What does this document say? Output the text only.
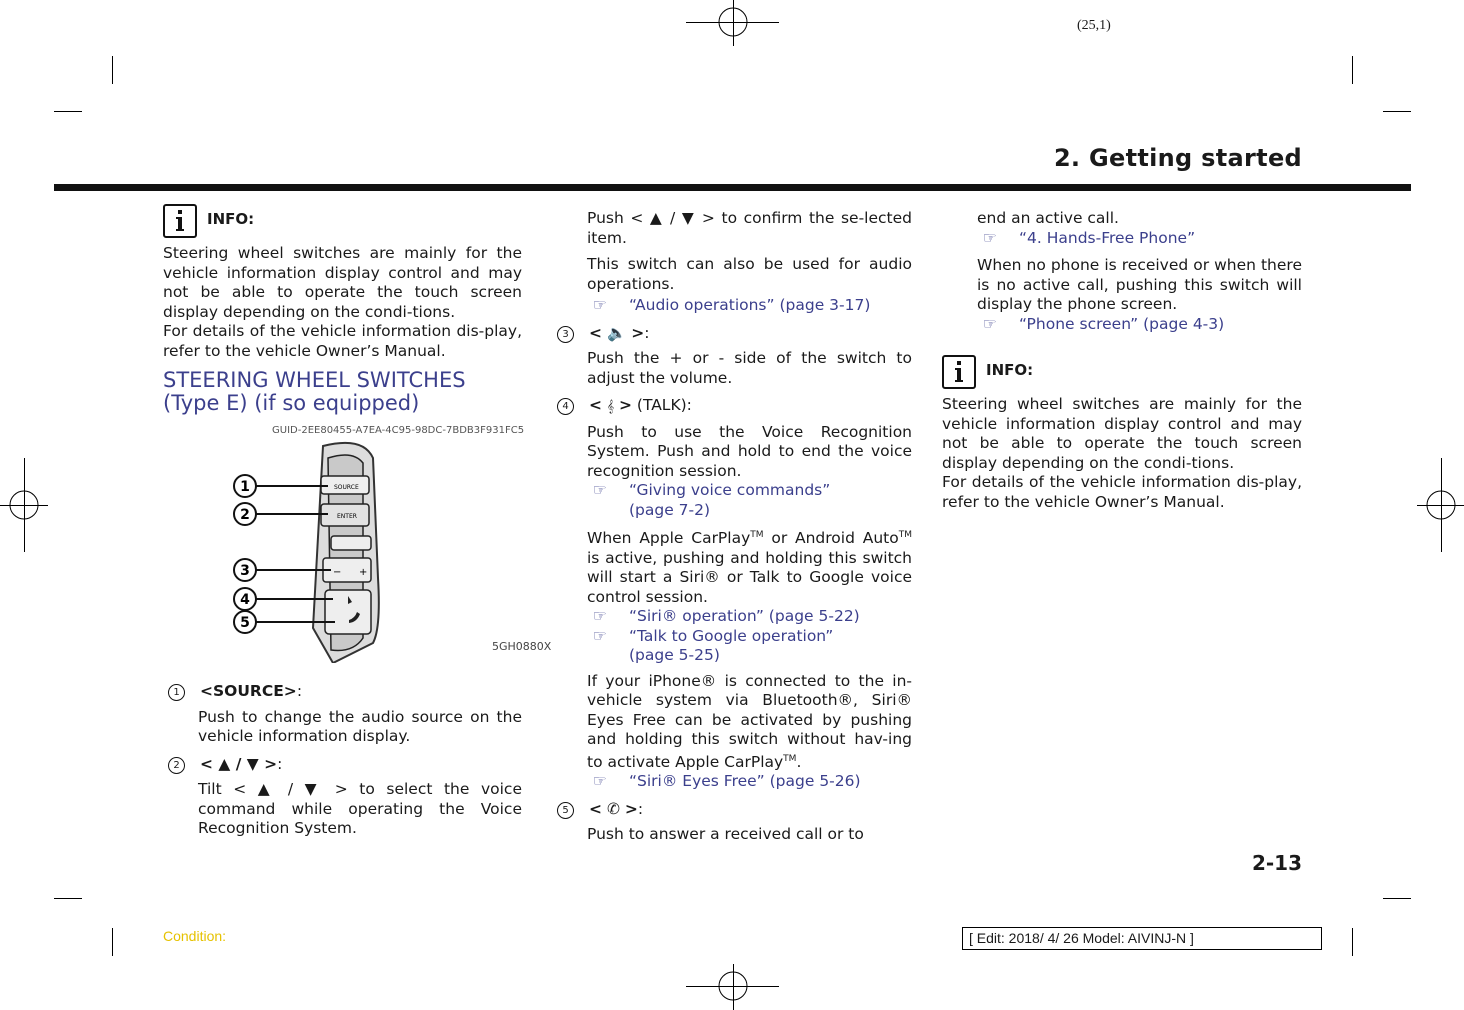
(25,1)
2. Getting started
INFO:

Steering wheel switches are mainly for the vehicle information display control and may not be able to operate the touch screen display depending on the condi-tions.

For details of the vehicle information dis-play, refer to the vehicle Owner’s Manual.

STEERING WHEEL SWITCHES (Type E) (if so equipped)
GUID-2EE80455-A7EA-4C95-98DC-7BDB3F931FC5
1
2
3
4
5
SOURCE
ENTER
− +
5GH0880X
1	<SOURCE>:

Push to change the audio source on the vehicle information display.

2	< ▲ / ▼ >:

Tilt < ▲ / ▼ > to select the voice command while operating the Voice Recognition System.

Push < ▲ / ▼ > to confirm the se-lected item.

This switch can also be used for audio operations.

☞	“Audio operations” (page 3-17)
3	< 🔈 >:

Push the + or - side of the switch to adjust the volume.

4	< 𝄞 > (TALK):

Push to use the Voice Recognition System. Push and hold to end the voice recognition session.

☞	“Giving voice commands”
(page 7-2)

When Apple CarPlay™ or Android Auto™ is active, pushing and holding this switch will start a Siri® or Talk to Google voice control session.

☞	“Siri® operation” (page 5-22)
☞	“Talk to Google operation”
(page 5-25)

If your iPhone® is connected to the in-vehicle system via Bluetooth®, Siri® Eyes Free can be activated by pushing and holding this switch without hav-ing to activate Apple CarPlay™.

☞	“Siri® Eyes Free” (page 5-26)
5	< ✆ >:

Push to answer a received call or to

end an active call.

☞	“4. Hands-Free Phone”

When no phone is received or when there is no active call, pushing this switch will display the phone screen.

☞	“Phone screen” (page 4-3)
INFO:

Steering wheel switches are mainly for the vehicle information display control and may not be able to operate the touch screen display depending on the condi-tions.

For details of the vehicle information dis-play, refer to the vehicle Owner’s Manual.

2-13
Condition:	[ Edit: 2018/ 4/ 26 Model: AIVINJ-N ]
